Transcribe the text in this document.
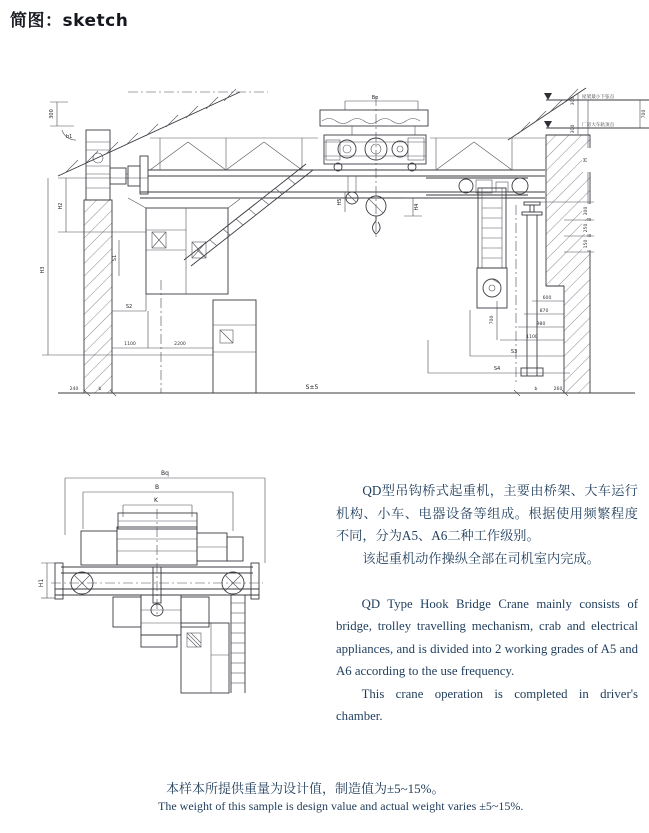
简图：sketch
Bo
H5
H4
300
300
屋架最小下弦点
厂房大车轨顶点
700
H
300
250
150
600
870
980
1100
700
S3
S4
300
b1
H2
H3
S1
S2
1100	2200
240	b	S±5	b	260
Bq
B
K
H1

QD型吊钩桥式起重机，主要由桥架、大车运行机构、小车、电器设备等组成。根据使用频繁程度不同，分为A5、A6二种工作级别。

该起重机动作操纵全部在司机室内完成。

QD Type Hook Bridge Crane mainly consists of bridge, trolley travelling mechanism, crab and electrical appliances, and is divided into 2 working grades of A5 and A6 according to the use frequency.

This crane operation is completed in driver's chamber.

本样本所提供重量为设计值，制造值为±5~15%。

The weight of this sample is design value and actual weight varies ±5~15%.
